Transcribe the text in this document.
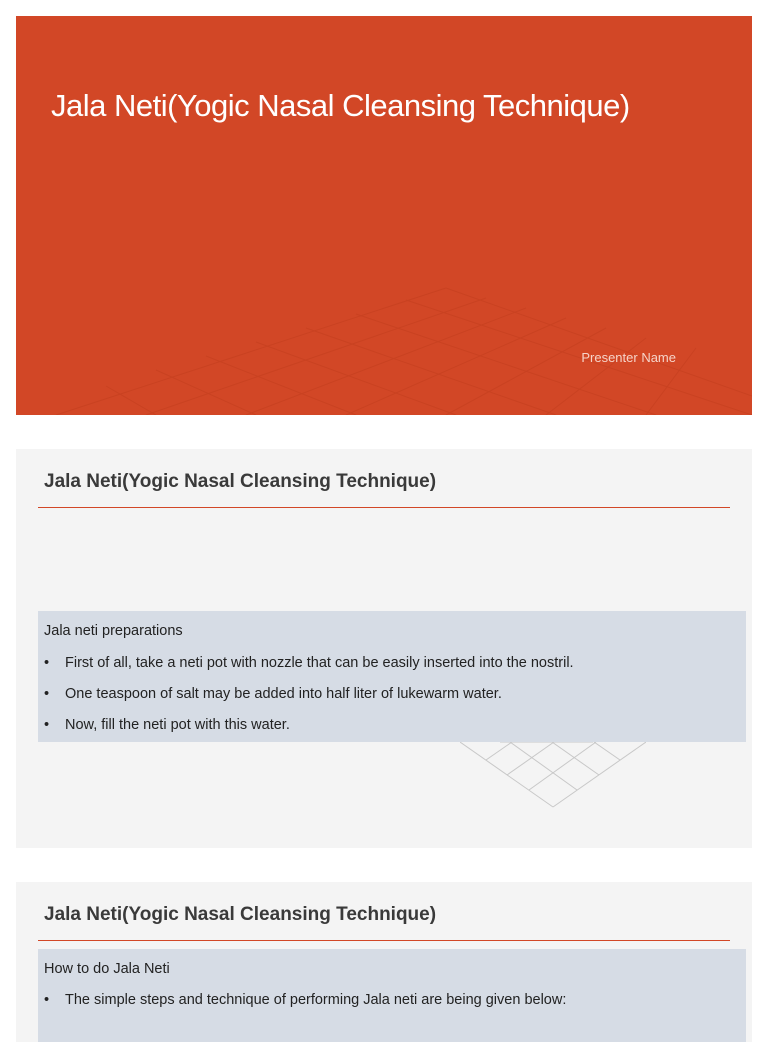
Jala Neti(Yogic Nasal Cleansing Technique)
Presenter Name
Jala Neti(Yogic Nasal Cleansing Technique)
Jala neti preparations
• First of all, take a neti pot with nozzle that can be easily inserted into the nostril.
• One teaspoon of salt may be added into half liter of lukewarm water.
• Now, fill the neti pot with this water.
Jala Neti(Yogic Nasal Cleansing Technique)
How to do Jala Neti
• The simple steps and technique of performing Jala neti are being given below:
